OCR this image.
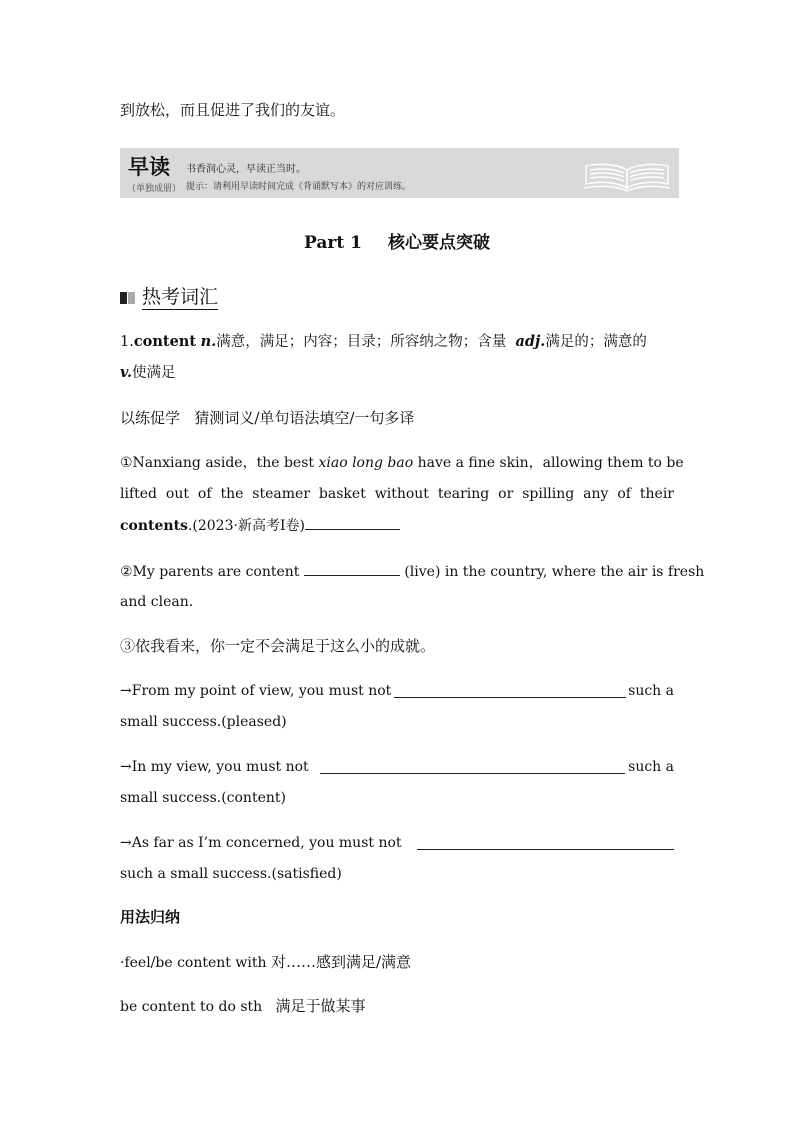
到放松，而且促进了我们的友谊。
早读
（单独成册）
书香润心灵，早读正当时。
提示：请利用早读时间完成《背诵默写本》的对应训练。
Part 1 核心要点突破
热考词汇
1.content n.满意，满足；内容；目录；所容纳之物；含量 adj.满足的；满意的
v.使满足
以练促学 猜测词义/单句语法填空/一句多译
①Nanxiang aside，the best xiao long bao have a fine skin，allowing them to be
lifted out of the steamer basket without tearing or spilling any of their
contents.(2023·新高考Ⅰ卷)
②My parents are content	(live) in the country, where the air is fresh
and clean.
③依我看来，你一定不会满足于这么小的成就。
→From my point of view, you must not	such a
small success.(pleased)
→In my view, you must not	such a
small success.(content)
→As far as I’m concerned, you must not
such a small success.(satisfied)
用法归纳
·feel/be content with 对……感到满足/满意
be content to do sth 满足于做某事
